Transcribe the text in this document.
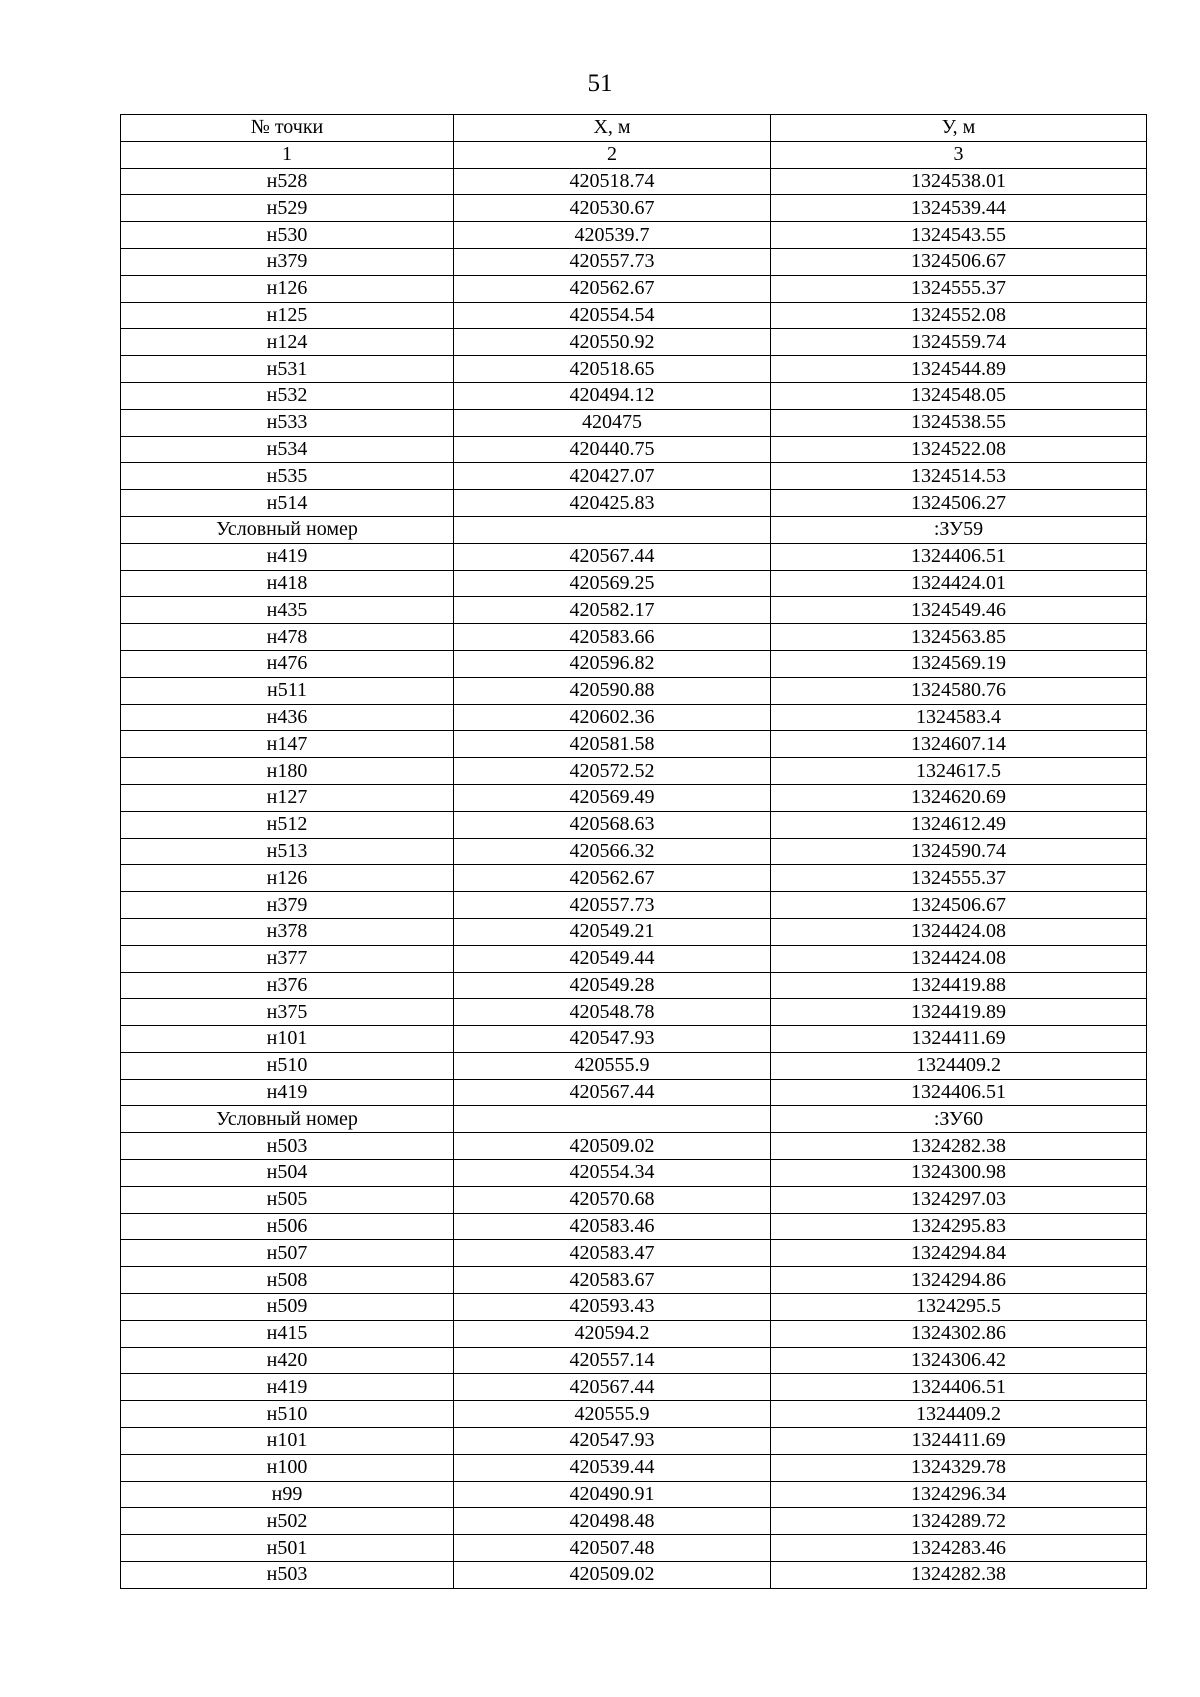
51
№ точки	X, м	У, м
1	2	3
н528	420518.74	1324538.01
н529	420530.67	1324539.44
н530	420539.7	1324543.55
н379	420557.73	1324506.67
н126	420562.67	1324555.37
н125	420554.54	1324552.08
н124	420550.92	1324559.74
н531	420518.65	1324544.89
н532	420494.12	1324548.05
н533	420475	1324538.55
н534	420440.75	1324522.08
н535	420427.07	1324514.53
н514	420425.83	1324506.27
Условный номер		:ЗУ59
н419	420567.44	1324406.51
н418	420569.25	1324424.01
н435	420582.17	1324549.46
н478	420583.66	1324563.85
н476	420596.82	1324569.19
н511	420590.88	1324580.76
н436	420602.36	1324583.4
н147	420581.58	1324607.14
н180	420572.52	1324617.5
н127	420569.49	1324620.69
н512	420568.63	1324612.49
н513	420566.32	1324590.74
н126	420562.67	1324555.37
н379	420557.73	1324506.67
н378	420549.21	1324424.08
н377	420549.44	1324424.08
н376	420549.28	1324419.88
н375	420548.78	1324419.89
н101	420547.93	1324411.69
н510	420555.9	1324409.2
н419	420567.44	1324406.51
Условный номер		:ЗУ60
н503	420509.02	1324282.38
н504	420554.34	1324300.98
н505	420570.68	1324297.03
н506	420583.46	1324295.83
н507	420583.47	1324294.84
н508	420583.67	1324294.86
н509	420593.43	1324295.5
н415	420594.2	1324302.86
н420	420557.14	1324306.42
н419	420567.44	1324406.51
н510	420555.9	1324409.2
н101	420547.93	1324411.69
н100	420539.44	1324329.78
н99	420490.91	1324296.34
н502	420498.48	1324289.72
н501	420507.48	1324283.46
н503	420509.02	1324282.38
